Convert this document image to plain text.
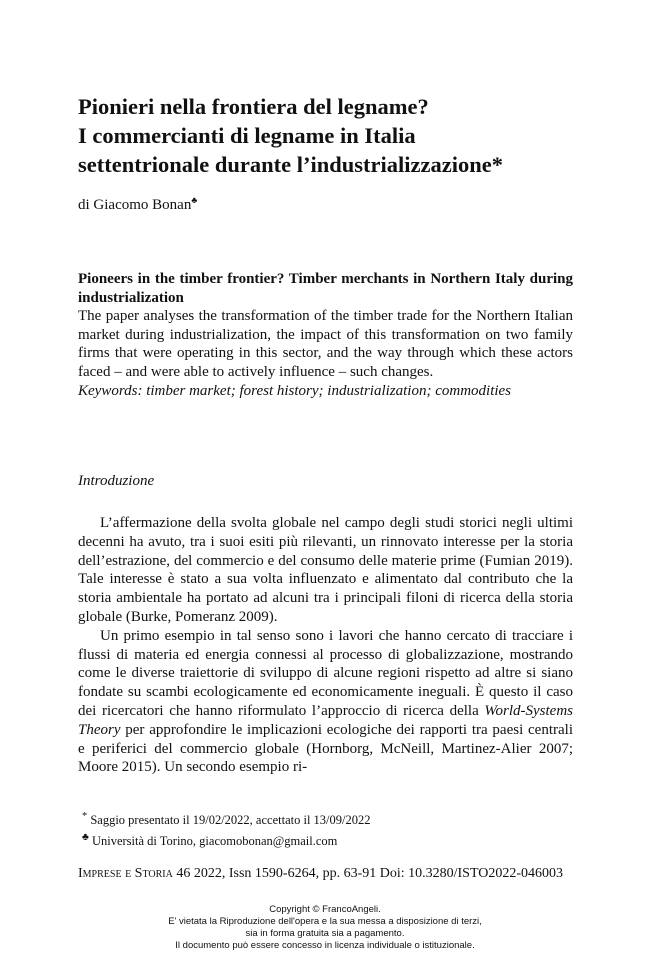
Pionieri nella frontiera del legname?
I commercianti di legname in Italia
settentrionale durante l’industrializzazione*
di Giacomo Bonan♣
Pioneers in the timber frontier? Timber merchants in Northern Italy during industrialization
The paper analyses the transformation of the timber trade for the Northern Italian market during industrialization, the impact of this transformation on two family firms that were operating in this sector, and the way through which these actors faced – and were able to actively influence – such changes.
Keywords: timber market; forest history; industrialization; commodities
Introduzione

L’affermazione della svolta globale nel campo degli studi storici negli ultimi decenni ha avuto, tra i suoi esiti più rilevanti, un rinnovato interesse per la storia dell’estrazione, del commercio e del consumo delle materie prime (Fumian 2019). Tale interesse è stato a sua volta influenzato e alimentato dal contributo che la storia ambientale ha portato ad alcuni tra i principali filoni di ricerca della storia globale (Burke, Pomeranz 2009).

Un primo esempio in tal senso sono i lavori che hanno cercato di tracciare i flussi di materia ed energia connessi al processo di globalizzazione, mostrando come le diverse traiettorie di sviluppo di alcune regioni rispetto ad altre si siano fondate su scambi ecologicamente ed economicamente ineguali. È questo il caso dei ricercatori che hanno riformulato l’approccio di ricerca della World-Systems Theory per approfondire le implicazioni ecologiche dei rapporti tra paesi centrali e periferici del commercio globale (Hornborg, McNeill, Martinez-Alier 2007; Moore 2015). Un secondo esempio ri-

* Saggio presentato il 19/02/2022, accettato il 13/09/2022
♣ Università di Torino, giacomobonan@gmail.com
Imprese e Storia 46 2022, Issn 1590-6264, pp. 63-91 Doi: 10.3280/ISTO2022-046003
Copyright © FrancoAngeli.
E' vietata la Riproduzione dell'opera e la sua messa a disposizione di terzi,
sia in forma gratuita sia a pagamento.
Il documento può essere concesso in licenza individuale o istituzionale.
